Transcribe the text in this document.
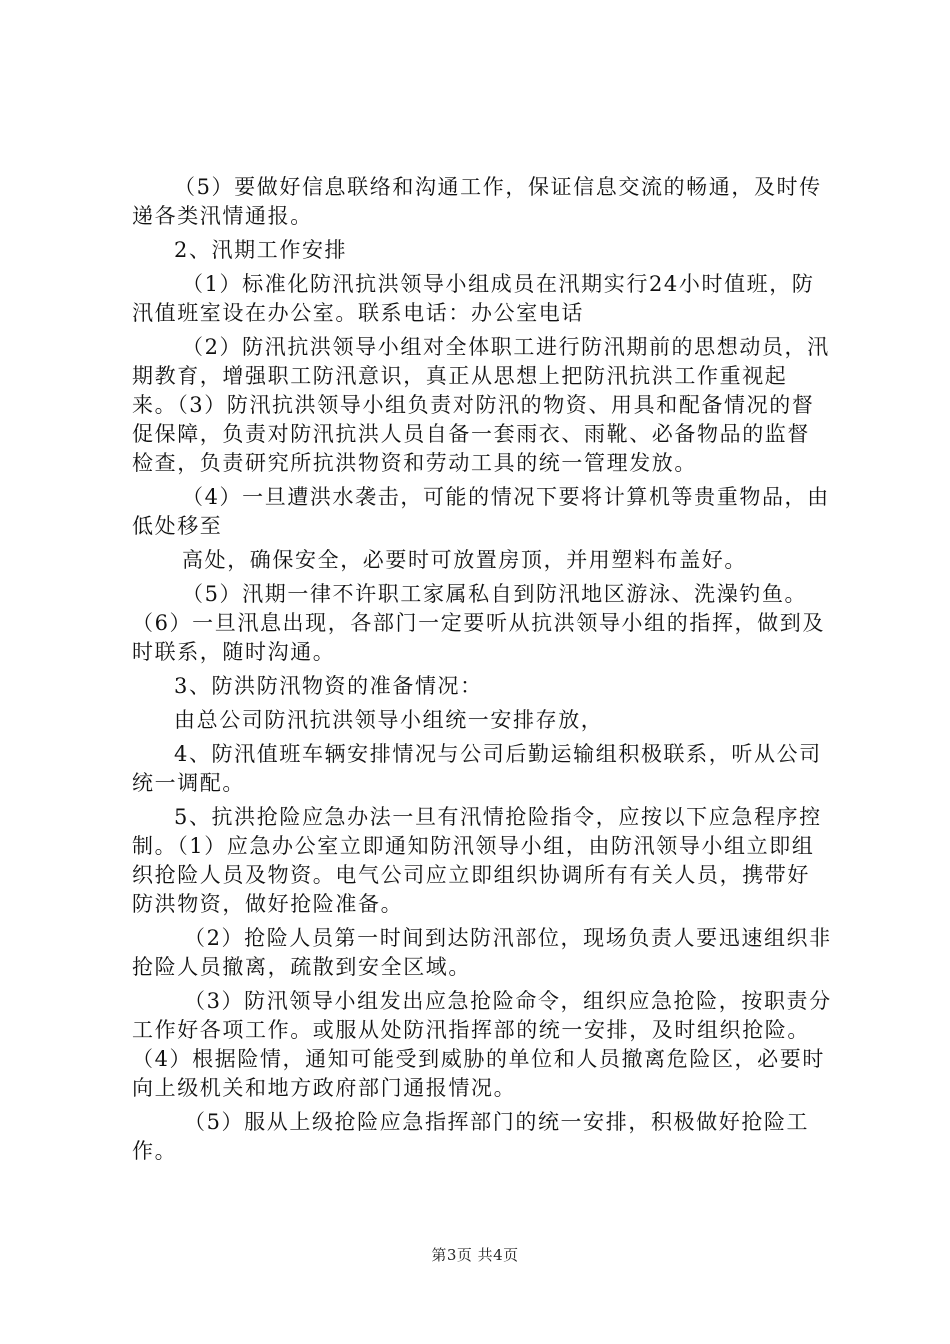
（5）要做好信息联络和沟通工作，保证信息交流的畅通，及时传递各类汛情通报。

2、汛期工作安排

（1）标准化防汛抗洪领导小组成员在汛期实行24小时值班，防汛值班室设在办公室。联系电话：办公室电话

（2）防汛抗洪领导小组对全体职工进行防汛期前的思想动员，汛期教育，增强职工防汛意识，真正从思想上把防汛抗洪工作重视起来。（3）防汛抗洪领导小组负责对防汛的物资、用具和配备情况的督促保障，负责对防汛抗洪人员自备一套雨衣、雨靴、必备物品的监督检查，负责研究所抗洪物资和劳动工具的统一管理发放。

（4）一旦遭洪水袭击，可能的情况下要将计算机等贵重物品，由低处移至

高处，确保安全，必要时可放置房顶，并用塑料布盖好。

（5）汛期一律不许职工家属私自到防汛地区游泳、洗澡钓鱼。（6）一旦汛息出现，各部门一定要听从抗洪领导小组的指挥，做到及时联系，随时沟通。

3、防洪防汛物资的准备情况：

由总公司防汛抗洪领导小组统一安排存放，

4、防汛值班车辆安排情况与公司后勤运输组积极联系，听从公司统一调配。

5、抗洪抢险应急办法一旦有汛情抢险指令，应按以下应急程序控制。（1）应急办公室立即通知防汛领导小组，由防汛领导小组立即组织抢险人员及物资。电气公司应立即组织协调所有有关人员，携带好防洪物资，做好抢险准备。

（2）抢险人员第一时间到达防汛部位，现场负责人要迅速组织非抢险人员撤离，疏散到安全区域。

（3）防汛领导小组发出应急抢险命令，组织应急抢险，按职责分工作好各项工作。或服从处防汛指挥部的统一安排，及时组织抢险。（4）根据险情，通知可能受到威胁的单位和人员撤离危险区，必要时向上级机关和地方政府部门通报情况。

（5）服从上级抢险应急指挥部门的统一安排，积极做好抢险工作。

第3页 共4页
